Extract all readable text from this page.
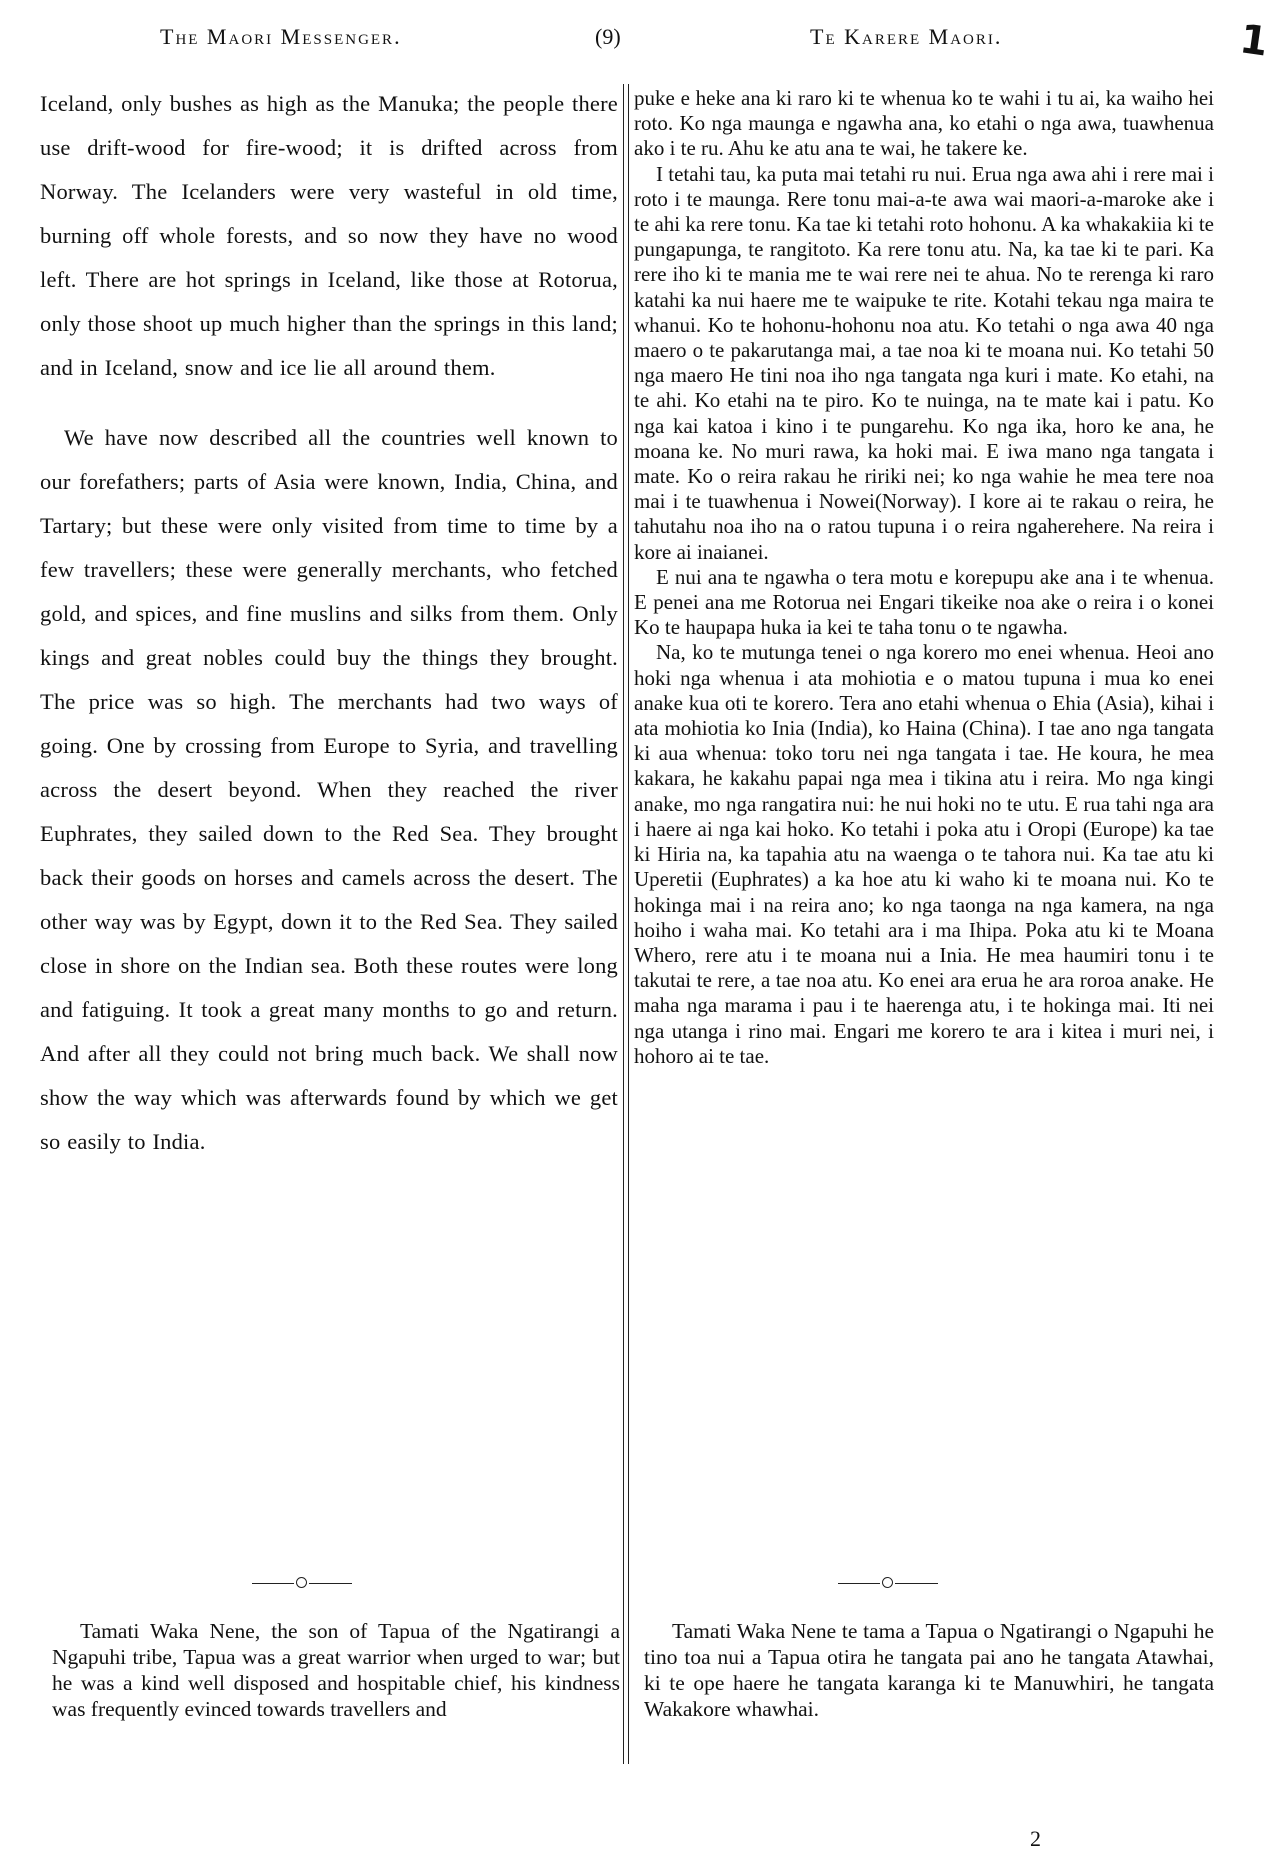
The Maori Messenger.	(9)	Te Karere Maori.	1

Iceland, only bushes as high as the Manuka; the people there use drift-wood for fire-wood; it is drifted across from Norway. The Icelanders were very wasteful in old time, burning off whole forests, and so now they have no wood left. There are hot springs in Iceland, like those at Rotorua, only those shoot up much higher than the springs in this land; and in Iceland, snow and ice lie all around them.

We have now described all the countries well known to our forefathers; parts of Asia were known, India, China, and Tartary; but these were only visited from time to time by a few travellers; these were generally merchants, who fetched gold, and spices, and fine muslins and silks from them. Only kings and great nobles could buy the things they brought. The price was so high. The merchants had two ways of going. One by crossing from Europe to Syria, and travelling across the desert beyond. When they reached the river Euphrates, they sailed down to the Red Sea. They brought back their goods on horses and camels across the desert. The other way was by Egypt, down it to the Red Sea. They sailed close in shore on the Indian sea. Both these routes were long and fatiguing. It took a great many months to go and return. And after all they could not bring much back. We shall now show the way which was afterwards found by which we get so easily to India.

puke e heke ana ki raro ki te whenua ko te wahi i tu ai, ka waiho hei roto. Ko nga maunga e ngawha ana, ko etahi o nga awa, tuawhenua ako i te ru. Ahu ke atu ana te wai, he takere ke.

I tetahi tau, ka puta mai tetahi ru nui. Erua nga awa ahi i rere mai i roto i te maunga. Rere tonu mai-a-te awa wai maori-a-maroke ake i te ahi ka rere tonu. Ka tae ki tetahi roto hohonu. A ka whakakiia ki te pungapunga, te rangitoto. Ka rere tonu atu. Na, ka tae ki te pari. Ka rere iho ki te mania me te wai rere nei te ahua. No te rerenga ki raro katahi ka nui haere me te waipuke te rite. Kotahi tekau nga maira te whanui. Ko te hohonu-hohonu noa atu. Ko tetahi o nga awa 40 nga maero o te pakarutanga mai, a tae noa ki te moana nui. Ko tetahi 50 nga maero He tini noa iho nga tangata nga kuri i mate. Ko etahi, na te ahi. Ko etahi na te piro. Ko te nuinga, na te mate kai i patu. Ko nga kai katoa i kino i te pungarehu. Ko nga ika, horo ke ana, he moana ke. No muri rawa, ka hoki mai. E iwa mano nga tangata i mate. Ko o reira rakau he ririki nei; ko nga wahie he mea tere noa mai i te tuawhenua i Nowei(Norway). I kore ai te rakau o reira, he tahutahu noa iho na o ratou tupuna i o reira ngaherehere. Na reira i kore ai inaianei.

E nui ana te ngawha o tera motu e korepupu ake ana i te whenua. E penei ana me Rotorua nei Engari tikeike noa ake o reira i o konei Ko te haupapa huka ia kei te taha tonu o te ngawha.

Na, ko te mutunga tenei o nga korero mo enei whenua. Heoi ano hoki nga whenua i ata mohiotia e o matou tupuna i mua ko enei anake kua oti te korero. Tera ano etahi whenua o Ehia (Asia), kihai i ata mohiotia ko Inia (India), ko Haina (China). I tae ano nga tangata ki aua whenua: toko toru nei nga tangata i tae. He koura, he mea kakara, he kakahu papai nga mea i tikina atu i reira. Mo nga kingi anake, mo nga rangatira nui: he nui hoki no te utu. E rua tahi nga ara i haere ai nga kai hoko. Ko tetahi i poka atu i Oropi (Europe) ka tae ki Hiria na, ka tapahia atu na waenga o te tahora nui. Ka tae atu ki Uperetii (Euphrates) a ka hoe atu ki waho ki te moana nui. Ko te hokinga mai i na reira ano; ko nga taonga na nga kamera, na nga hoiho i waha mai. Ko tetahi ara i ma Ihipa. Poka atu ki te Moana Whero, rere atu i te moana nui a Inia. He mea haumiri tonu i te takutai te rere, a tae noa atu. Ko enei ara erua he ara roroa anake. He maha nga marama i pau i te haerenga atu, i te hokinga mai. Iti nei nga utanga i rino mai. Engari me korero te ara i kitea i muri nei, i hohoro ai te tae.

Tamati Waka Nene, the son of Tapua of the Ngatirangi a Ngapuhi tribe, Tapua was a great warrior when urged to war; but he was a kind well disposed and hospitable chief, his kindness was frequently evinced towards travellers and

Tamati Waka Nene te tama a Tapua o Ngatirangi o Ngapuhi he tino toa nui a Tapua otira he tangata pai ano he tangata Atawhai, ki te ope haere he tangata karanga ki te Manuwhiri, he tangata Wakakore whawhai.

2
